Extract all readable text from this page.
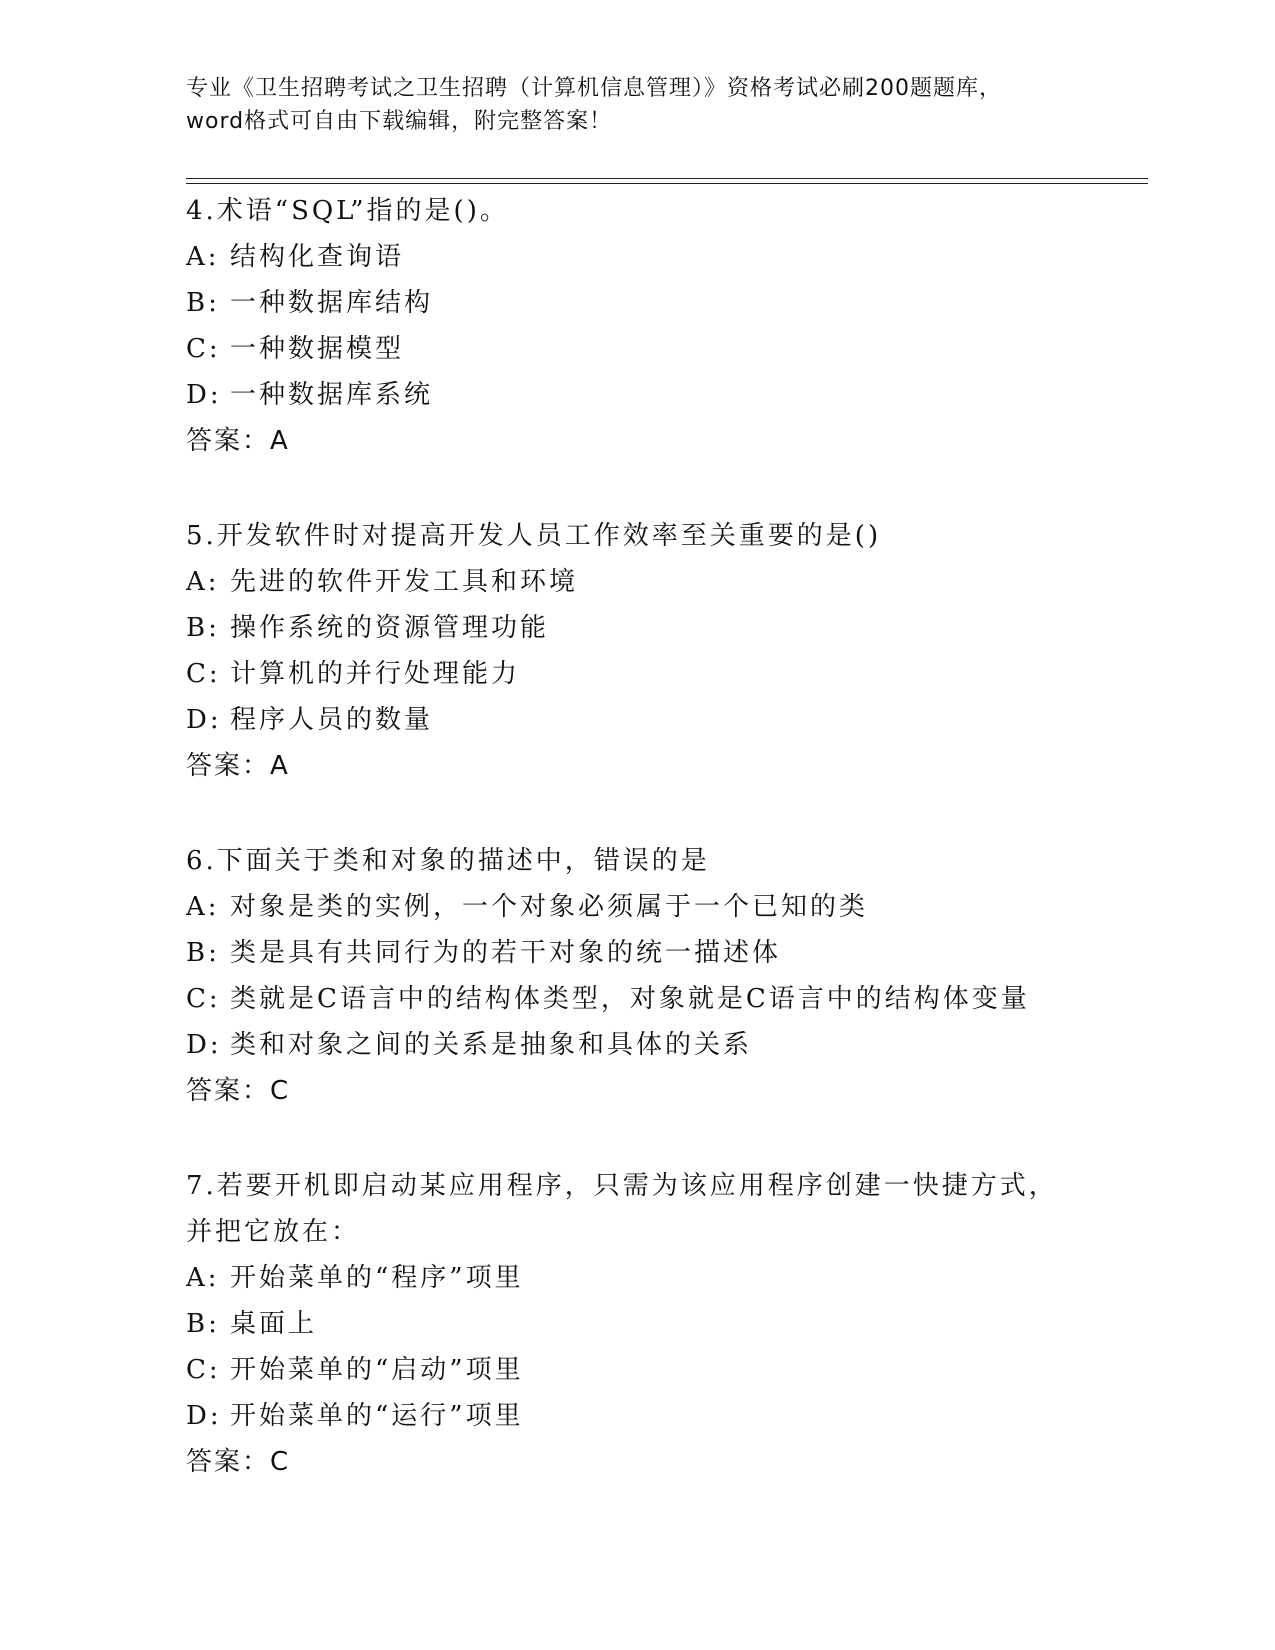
专业《卫生招聘考试之卫生招聘（计算机信息管理）》资格考试必刷200题题库，
word格式可自由下载编辑，附完整答案！
4.术语“SQL”指的是()。
A: 结构化查询语
B: 一种数据库结构
C: 一种数据模型
D: 一种数据库系统
答案：A
5.开发软件时对提高开发人员工作效率至关重要的是()
A: 先进的软件开发工具和环境
B: 操作系统的资源管理功能
C: 计算机的并行处理能力
D: 程序人员的数量
答案：A
6.下面关于类和对象的描述中，错误的是
A: 对象是类的实例，一个对象必须属于一个已知的类
B: 类是具有共同行为的若干对象的统一描述体
C: 类就是C语言中的结构体类型，对象就是C语言中的结构体变量
D: 类和对象之间的关系是抽象和具体的关系
答案：C
7.若要开机即启动某应用程序，只需为该应用程序创建一快捷方式，
并把它放在：
A: 开始菜单的“程序”项里
B: 桌面上
C: 开始菜单的“启动”项里
D: 开始菜单的“运行”项里
答案：C
